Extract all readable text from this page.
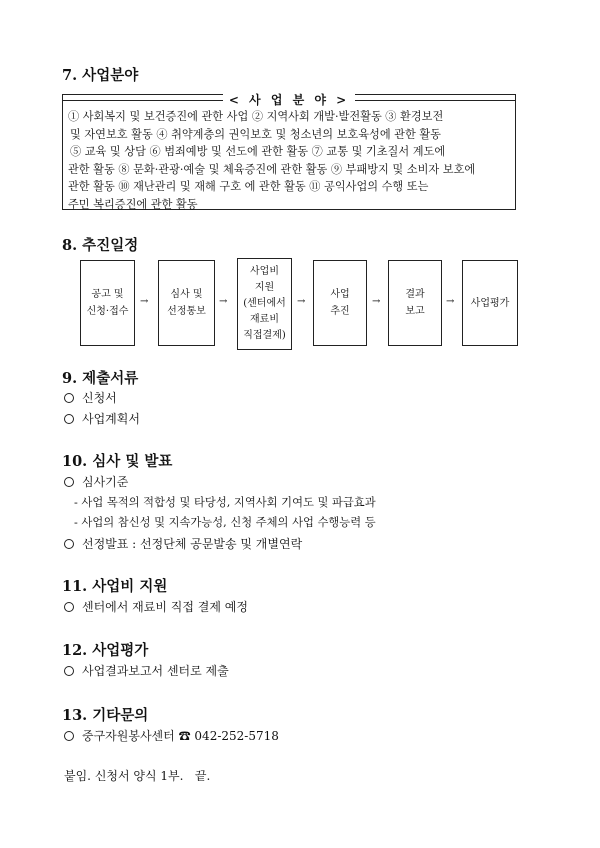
7. 사업분야
< 사 업 분 야 >
① 사회복지 및 보건증진에 관한 사업 ② 지역사회 개발·발전활동 ③ 환경보전
및 자연보호 활동 ④ 취약계층의 권익보호 및 청소년의 보호육성에 관한 활동
⑤ 교육 및 상담 ⑥ 범죄예방 및 선도에 관한 활동 ⑦ 교통 및 기초질서 계도에
관한 활동 ⑧ 문화·관광·예술 및 체육증진에 관한 활동 ⑨ 부패방지 및 소비자 보호에
관한 활동 ⑩ 재난관리 및 재해 구호 에 관한 활동 ⑪ 공익사업의 수행 또는
주민 복리증진에 관한 활동
8. 추진일정
공고 및
신청·접수
→
심사 및
선정통보
→
사업비
지원
(센터에서
재료비
직접결제)
→
사업
추진
→
결과
보고
→ 사업평가
9. 제출서류
신청서
사업계획서
10. 심사 및 발표
심사기준
- 사업 목적의 적합성 및 타당성, 지역사회 기여도 및 파급효과
- 사업의 참신성 및 지속가능성, 신청 주체의 사업 수행능력 등
선정발표 : 선정단체 공문발송 및 개별연락
11. 사업비 지원
센터에서 재료비 직접 결제 예정
12. 사업평가
사업결과보고서 센터로 제출
13. 기타문의
중구자원봉사센터 ☎ 042-252-5718
붙임. 신청서 양식 1부.   끝.
